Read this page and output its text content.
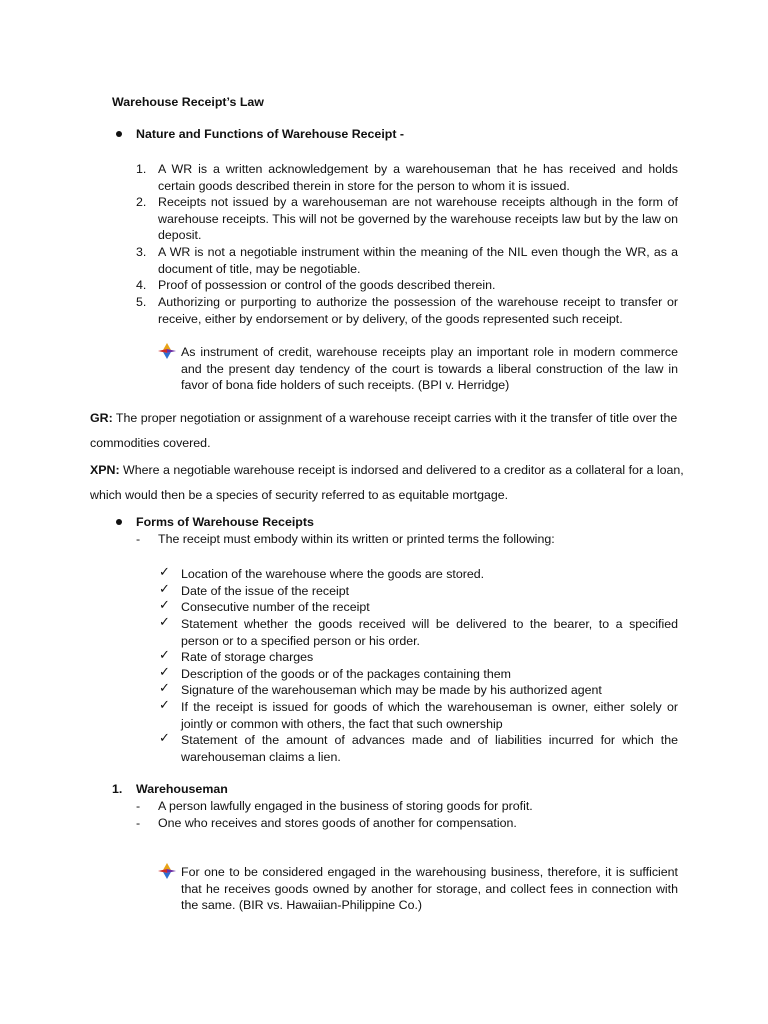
Warehouse Receipt’s Law
Nature and Functions of Warehouse Receipt -
1. A WR is a written acknowledgement by a warehouseman that he has received and holds certain goods described therein in store for the person to whom it is issued.
2. Receipts not issued by a warehouseman are not warehouse receipts although in the form of warehouse receipts. This will not be governed by the warehouse receipts law but by the law on deposit.
3. A WR is not a negotiable instrument within the meaning of the NIL even though the WR, as a document of title, may be negotiable.
4. Proof of possession or control of the goods described therein.
5. Authorizing or purporting to authorize the possession of the warehouse receipt to transfer or receive, either by endorsement or by delivery, of the goods represented such receipt.
As instrument of credit, warehouse receipts play an important role in modern commerce and the present day tendency of the court is towards a liberal construction of the law in favor of bona fide holders of such receipts. (BPI v. Herridge)
GR: The proper negotiation or assignment of a warehouse receipt carries with it the transfer of title over the commodities covered.
XPN: Where a negotiable warehouse receipt is indorsed and delivered to a creditor as a collateral for a loan, which would then be a species of security referred to as equitable mortgage.
Forms of Warehouse Receipts
- The receipt must embody within its written or printed terms the following:
✓ Location of the warehouse where the goods are stored.
✓ Date of the issue of the receipt
✓ Consecutive number of the receipt
✓ Statement whether the goods received will be delivered to the bearer, to a specified person or to a specified person or his order.
✓ Rate of storage charges
✓ Description of the goods or of the packages containing them
✓ Signature of the warehouseman which may be made by his authorized agent
✓ If the receipt is issued for goods of which the warehouseman is owner, either solely or jointly or common with others, the fact that such ownership
✓ Statement of the amount of advances made and of liabilities incurred for which the warehouseman claims a lien.
1. Warehouseman
- A person lawfully engaged in the business of storing goods for profit.
- One who receives and stores goods of another for compensation.
For one to be considered engaged in the warehousing business, therefore, it is sufficient that he receives goods owned by another for storage, and collect fees in connection with the same. (BIR vs. Hawaiian-Philippine Co.)
